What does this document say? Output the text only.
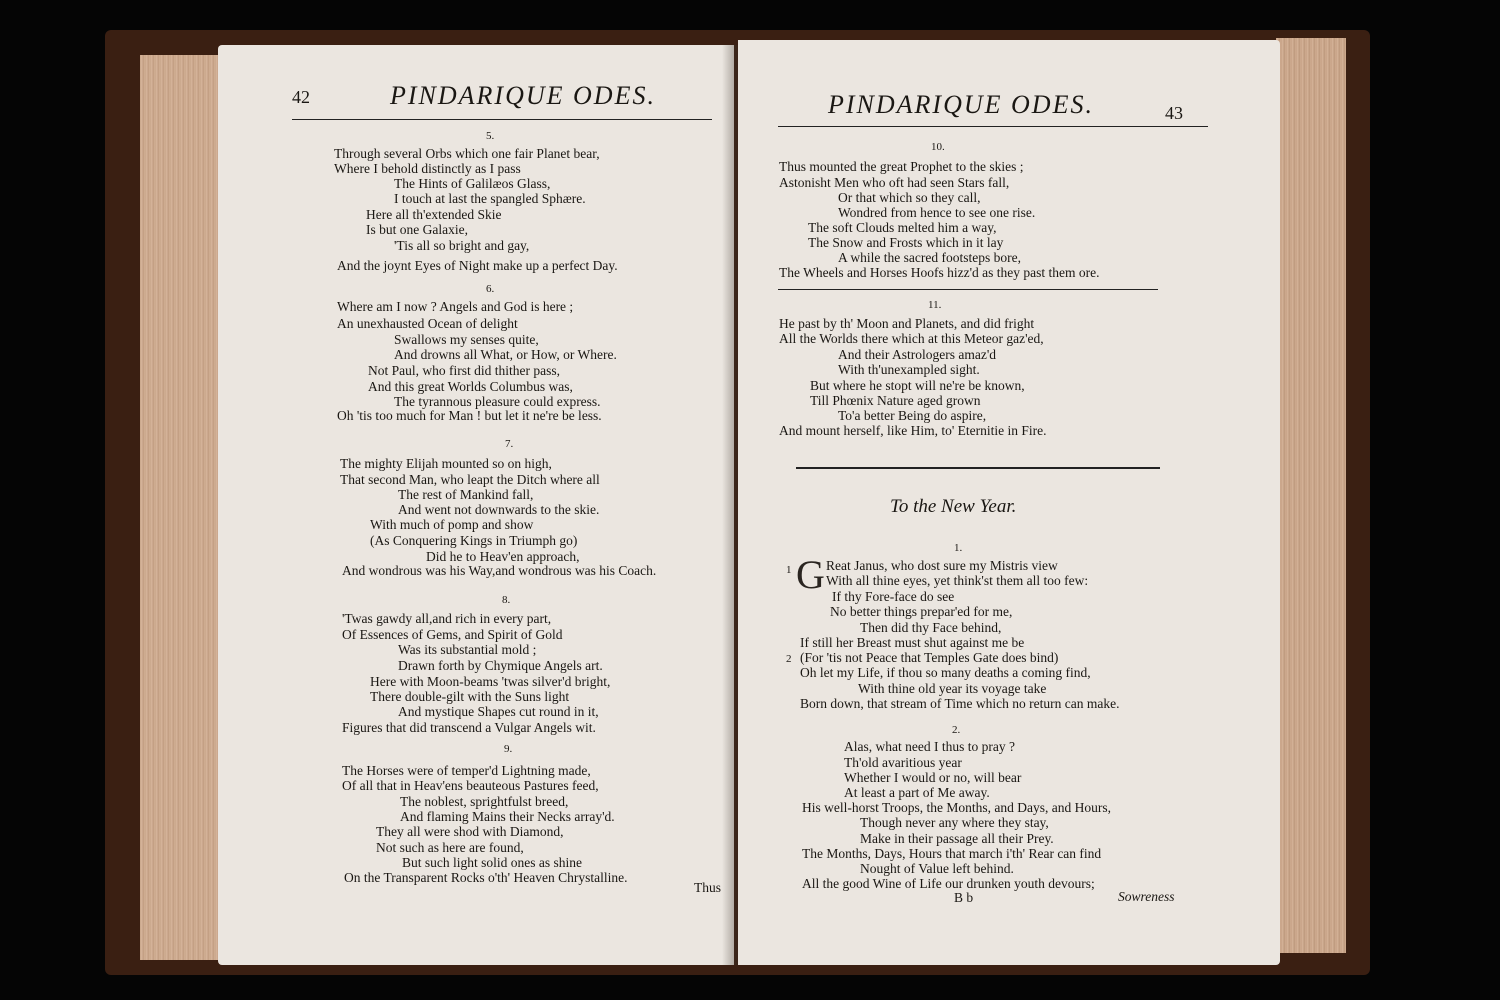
42	PINDARIQUE ODES.
5.
Through several Orbs which one fair Planet bear,
Where I behold distinctly as I pass
The Hints of Galilæos Glass,
I touch at last the spangled Sphære.
Here all th'extended Skie
Is but one Galaxie,
'Tis all so bright and gay,
And the joynt Eyes of Night make up a perfect Day.
6.
Where am I now ? Angels and God is here ;
An unexhausted Ocean of delight
Swallows my senses quite,
And drowns all What, or How, or Where.
Not Paul, who first did thither pass,
And this great Worlds Columbus was,
The tyrannous pleasure could express.
Oh 'tis too much for Man ! but let it ne're be less.
7.
The mighty Elijah mounted so on high,
That second Man, who leapt the Ditch where all
The rest of Mankind fall,
And went not downwards to the skie.
With much of pomp and show
(As Conquering Kings in Triumph go)
Did he to Heav'en approach,
And wondrous was his Way,and wondrous was his Coach.
8.
'Twas gawdy all,and rich in every part,
Of Essences of Gems, and Spirit of Gold
Was its substantial mold ;
Drawn forth by Chymique Angels art.
Here with Moon-beams 'twas silver'd bright,
There double-gilt with the Suns light
And mystique Shapes cut round in it,
Figures that did transcend a Vulgar Angels wit.
9.
The Horses were of temper'd Lightning made,
Of all that in Heav'ens beauteous Pastures feed,
The noblest, sprightfulst breed,
And flaming Mains their Necks array'd.
They all were shod with Diamond,
Not such as here are found,
But such light solid ones as shine
On the Transparent Rocks o'th' Heaven Chrystalline.
Thus
PINDARIQUE ODES.	43
10.
Thus mounted the great Prophet to the skies ;
Astonisht Men who oft had seen Stars fall,
Or that which so they call,
Wondred from hence to see one rise.
The soft Clouds melted him a way,
The Snow and Frosts which in it lay
A while the sacred footsteps bore,
The Wheels and Horses Hoofs hizz'd as they past them ore.
11.
He past by th' Moon and Planets, and did fright
All the Worlds there which at this Meteor gaz'ed,
And their Astrologers amaz'd
With th'unexampled sight.
But where he stopt will ne're be known,
Till Phœnix Nature aged grown
To'a better Being do aspire,
And mount herself, like Him, to' Eternitie in Fire.
To the New Year.
1.
1 G Reat Janus, who dost sure my Mistris view
With all thine eyes, yet think'st them all too few:
If thy Fore-face do see
No better things prepar'ed for me,
Then did thy Face behind,
If still her Breast must shut against me be
2 (For 'tis not Peace that Temples Gate does bind)
Oh let my Life, if thou so many deaths a coming find,
With thine old year its voyage take
Born down, that stream of Time which no return can make.
2.
Alas, what need I thus to pray ?
Th'old avaritious year
Whether I would or no, will bear
At least a part of Me away.
His well-horst Troops, the Months, and Days, and Hours,
Though never any where they stay,
Make in their passage all their Prey.
The Months, Days, Hours that march i'th' Rear can find
Nought of Value left behind.
All the good Wine of Life our drunken youth devours;
B b	Sowreness
